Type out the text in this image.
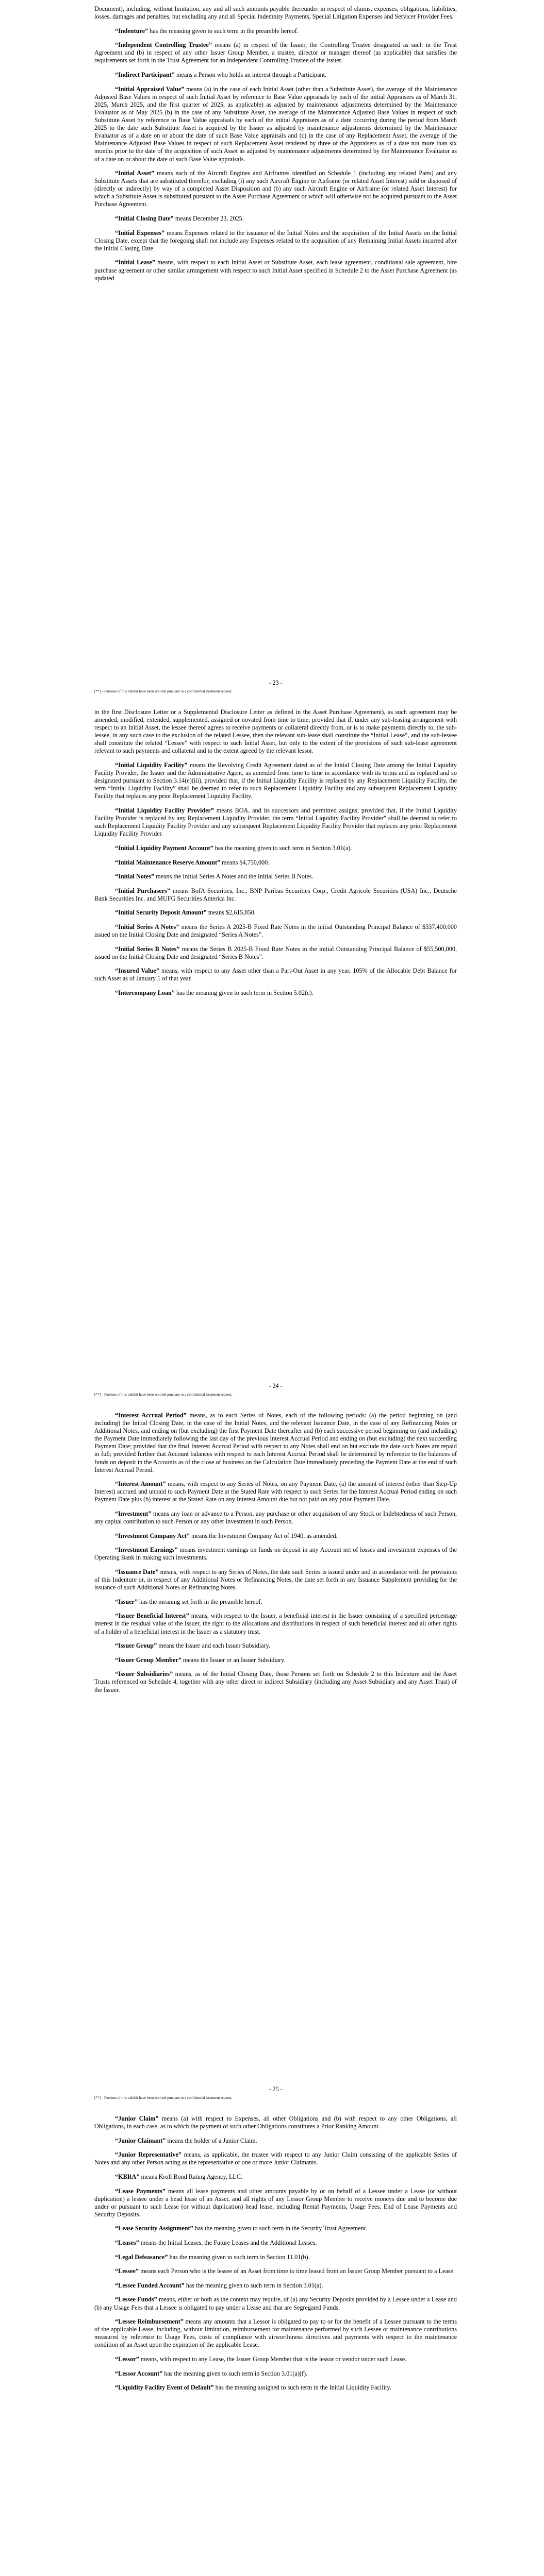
Document), including, without limitation, any and all such amounts payable thereunder in respect of claims, expenses, obligations, liabilities, losses, damages and penalties, but excluding any and all Special Indemnity Payments, Special Litigation Expenses and Servicer Provider Fees.

“Indenture” has the meaning given to such term in the preamble hereof.

“Independent Controlling Trustee” means (a) in respect of the Issuer, the Controlling Trustee designated as such in the Trust Agreement and (b) in respect of any other Issuer Group Member, a trustee, director or manager thereof (as applicable) that satisfies the requirements set forth in the Trust Agreement for an Independent Controlling Trustee of the Issuer.

“Indirect Participant” means a Person who holds an interest through a Participant.

“Initial Appraised Value” means (a) in the case of each Initial Asset (other than a Substitute Asset), the average of the Maintenance Adjusted Base Values in respect of such Initial Asset by reference to Base Value appraisals by each of the initial Appraisers as of March 31, 2025, March 2025, and the first quarter of 2025, as applicable) as adjusted by maintenance adjustments determined by the Maintenance Evaluator as of May 2025 (b) in the case of any Substitute Asset, the average of the Maintenance Adjusted Base Values in respect of such Substitute Asset by reference to Base Value appraisals by each of the initial Appraisers as of a date occurring during the period from March 2025 to the date such Substitute Asset is acquired by the Issuer as adjusted by maintenance adjustments determined by the Maintenance Evaluator as of a date on or about the date of such Base Value appraisals and (c) in the case of any Replacement Asset, the average of the Maintenance Adjusted Base Values in respect of such Replacement Asset rendered by three of the Appraisers as of a date not more than six months prior to the date of the acquisition of such Asset as adjusted by maintenance adjustments determined by the Maintenance Evaluator as of a date on or about the date of such Base Value appraisals.

“Initial Asset” means each of the Aircraft Engines and Airframes identified on Schedule 1 (including any related Parts) and any Substitute Assets that are substituted therefor, excluding (i) any such Aircraft Engine or Airframe (or related Asset Interest) sold or disposed of (directly or indirectly) by way of a completed Asset Disposition and (b) any such Aircraft Engine or Airframe (or related Asset Interest) for which a Substitute Asset is substituted pursuant to the Asset Purchase Agreement or which will otherwise not be acquired pursuant to the Asset Purchase Agreement.

“Initial Closing Date” means December 23, 2025.

“Initial Expenses” means Expenses related to the issuance of the Initial Notes and the acquisition of the Initial Assets on the Initial Closing Date, except that the foregoing shall not include any Expenses related to the acquisition of any Remaining Initial Assets incurred after the Initial Closing Date.

“Initial Lease” means, with respect to each Initial Asset or Substitute Asset, each lease agreement, conditional sale agreement, hire purchase agreement or other similar arrangement with respect to such Initial Asset specified in Schedule 2 to the Asset Purchase Agreement (as updated

- 23 -

[**] – Portions of this exhibit have been omitted pursuant to a confidential treatment request.

in the first Disclosure Letter or a Supplemental Disclosure Letter as defined in the Asset Purchase Agreement), as such agreement may be amended, modified, extended, supplemented, assigned or novated from time to time; provided that if, under any sub-leasing arrangement with respect to an Initial Asset, the lessee thereof agrees to receive payments or collateral directly from, or is to make payments directly to, the sub-lessee, in any such case to the exclusion of the related Lessee, then the relevant sub-lease shall constitute the “Initial Lease”, and the sub-lessee shall constitute the related “Lessee” with respect to such Initial Asset, but only to the extent of the provisions of such sub-lease agreement relevant to such payments and collateral and to the extent agreed by the relevant lessor.

“Initial Liquidity Facility” means the Revolving Credit Agreement dated as of the Initial Closing Date among the Initial Liquidity Facility Provider, the Issuer and the Administrative Agent, as amended from time to time in accordance with its terms and as replaced and so designated pursuant to Section 3.14(e)(iii), provided that, if the Initial Liquidity Facility is replaced by any Replacement Liquidity Facility, the term “Initial Liquidity Facility” shall be deemed to refer to such Replacement Liquidity Facility and any subsequent Replacement Liquidity Facility that replaces any prior Replacement Liquidity Facility.

“Initial Liquidity Facility Provider” means BOA, and its successors and permitted assigns; provided that, if the Initial Liquidity Facility Provider is replaced by any Replacement Liquidity Provider, the term “Initial Liquidity Facility Provider” shall be deemed to refer to such Replacement Liquidity Facility Provider and any subsequent Replacement Liquidity Facility Provider that replaces any prior Replacement Liquidity Facility Provider.

“Initial Liquidity Payment Account” has the meaning given to such term in Section 3.01(a).

“Initial Maintenance Reserve Amount” means $4,750,000.

“Initial Notes” means the Initial Series A Notes and the Initial Series B Notes.

“Initial Purchasers” means BofA Securities, Inc., BNP Paribas Securities Corp., Credit Agricole Securities (USA) Inc., Deutsche Bank Securities Inc. and MUFG Securities America Inc.

“Initial Security Deposit Amount” means $2,615,850.

“Initial Series A Notes” means the Series A 2025-B Fixed Rate Notes in the initial Outstanding Principal Balance of $337,400,000 issued on the Initial Closing Date and designated “Series A Notes”.

“Initial Series B Notes” means the Series B 2025-B Fixed Rate Notes in the initial Outstanding Principal Balance of $55,500,000, issued on the Initial Closing Date and designated “Series B Notes”.

“Insured Value” means, with respect to any Asset other than a Part-Out Asset in any year, 105% of the Allocable Debt Balance for such Asset as of January 1 of that year.

“Intercompany Loan” has the meaning given to such term in Section 5.02(c).

- 24 -

[**] – Portions of this exhibit have been omitted pursuant to a confidential treatment request.

“Interest Accrual Period” means, as to each Series of Notes, each of the following periods: (a) the period beginning on (and including) the Initial Closing Date, in the case of the Initial Notes, and the relevant Issuance Date, in the case of any Refinancing Notes or Additional Notes, and ending on (but excluding) the first Payment Date thereafter and (b) each successive period beginning on (and including) the Payment Date immediately following the last day of the previous Interest Accrual Period and ending on (but excluding) the next succeeding Payment Date; provided that the final Interest Accrual Period with respect to any Notes shall end on but exclude the date such Notes are repaid in full; provided further that Account balances with respect to each Interest Accrual Period shall be determined by reference to the balances of funds on deposit in the Accounts as of the close of business on the Calculation Date immediately preceding the Payment Date at the end of such Interest Accrual Period.

“Interest Amount” means, with respect to any Series of Notes, on any Payment Date, (a) the amount of interest (other than Step-Up Interest) accrued and unpaid to such Payment Date at the Stated Rate with respect to such Series for the Interest Accrual Period ending on such Payment Date plus (b) interest at the Stated Rate on any Interest Amount due but not paid on any prior Payment Date.

“Investment” means any loan or advance to a Person, any purchase or other acquisition of any Stock or Indebtedness of such Person, any capital contribution to such Person or any other investment in such Person.

“Investment Company Act” means the Investment Company Act of 1940, as amended.

“Investment Earnings” means investment earnings on funds on deposit in any Account net of losses and investment expenses of the Operating Bank in making such investments.

“Issuance Date” means, with respect to any Series of Notes, the date such Series is issued under and in accordance with the provisions of this Indenture or, in respect of any Additional Notes or Refinancing Notes, the date set forth in any Issuance Supplement providing for the issuance of such Additional Notes or Refinancing Notes.

“Issuer” has the meaning set forth in the preamble hereof.

“Issuer Beneficial Interest” means, with respect to the Issuer, a beneficial interest in the Issuer consisting of a specified percentage interest in the residual value of the Issuer, the right to the allocations and distributions in respect of such beneficial interest and all other rights of a holder of a beneficial interest in the Issuer as a statutory trust.

“Issuer Group” means the Issuer and each Issuer Subsidiary.

“Issuer Group Member” means the Issuer or an Issuer Subsidiary.

“Issuer Subsidiaries” means, as of the Initial Closing Date, those Persons set forth on Schedule 2 to this Indenture and the Asset Trusts referenced on Schedule 4, together with any other direct or indirect Subsidiary (including any Asset Subsidiary and any Asset Trust) of the Issuer.

- 25 -

[**] – Portions of this exhibit have been omitted pursuant to a confidential treatment request.

“Junior Claim” means (a) with respect to Expenses, all other Obligations and (b) with respect to any other Obligations, all Obligations, in each case, as to which the payment of such other Obligations constitutes a Prior Ranking Amount.

“Junior Claimant” means the holder of a Junior Claim.

“Junior Representative” means, as applicable, the trustee with respect to any Junior Claim consisting of the applicable Series of Notes and any other Person acting as the representative of one or more Junior Claimants.

“KBRA” means Kroll Bond Rating Agency, LLC.

“Lease Payments” means all lease payments and other amounts payable by or on behalf of a Lessee under a Lease (or without duplication) a lessee under a head lease of an Asset, and all rights of any Lessor Group Member to receive moneys due and to become due under or pursuant to such Lease (or without duplication) head lease, including Rental Payments, Usage Fees, End of Lease Payments and Security Deposits.

“Lease Security Assignment” has the meaning given to such term in the Security Trust Agreement.

“Leases” means the Initial Leases, the Future Leases and the Additional Leases.

“Legal Defeasance” has the meaning given to such term in Section 11.01(b).

“Lessee” means each Person who is the lessee of an Asset from time to time leased from an Issuer Group Member pursuant to a Lease.

“Lessee Funded Account” has the meaning given to such term in Section 3.01(a).

“Lessee Funds” means, either or both as the context may require, of (a) any Security Deposits provided by a Lessee under a Lease and (b) any Usage Fees that a Lessee is obligated to pay under a Lease and that are Segregated Funds.

“Lessee Reimbursement” means any amounts that a Lessor is obligated to pay to or for the benefit of a Lessee pursuant to the terms of the applicable Lease, including, without limitation, reimbursement for maintenance performed by such Lessee or maintenance contributions measured by reference to Usage Fees, costs of compliance with airworthiness directives and payments with respect to the maintenance condition of an Asset upon the expiration of the applicable Lease.

“Lessor” means, with respect to any Lease, the Issuer Group Member that is the lessor or vendor under such Lease.

“Lessor Account” has the meaning given to such term in Section 3.01(a)(f).

“Liquidity Facility Event of Default” has the meaning assigned to such term in the Initial Liquidity Facility.
